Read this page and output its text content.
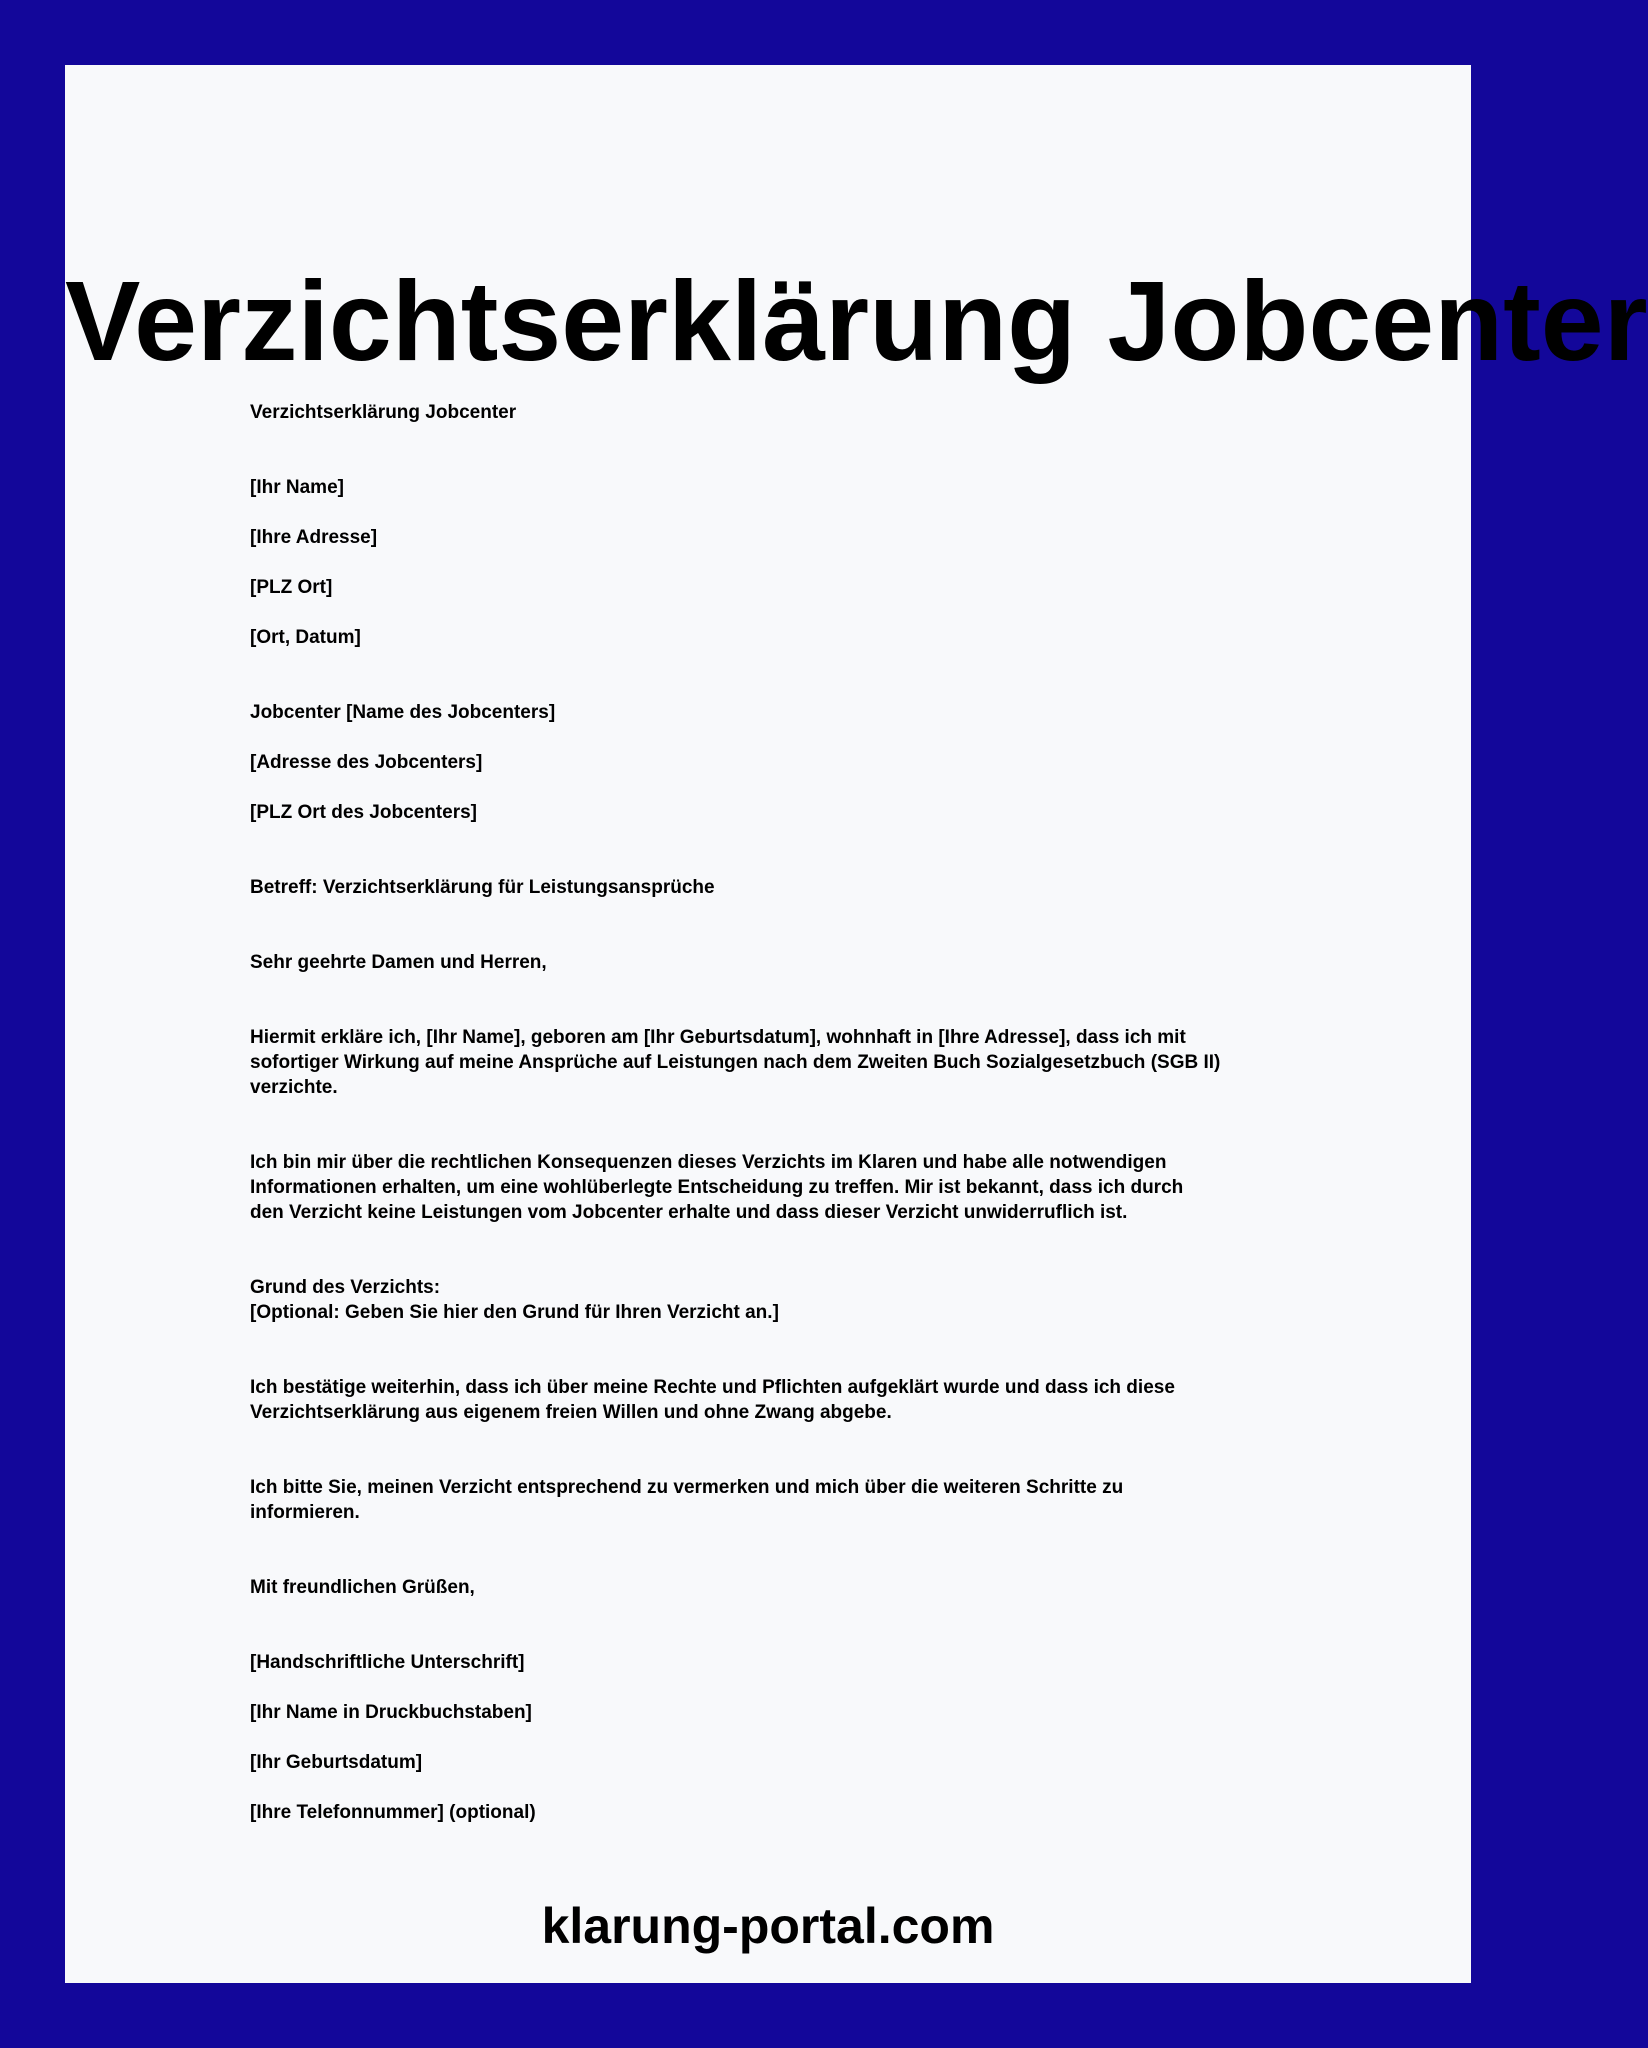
Verzichtserklärung Jobcenter

Verzichtserklärung Jobcenter

[Ihr Name]

[Ihre Adresse]

[PLZ Ort]

[Ort, Datum]

Jobcenter [Name des Jobcenters]

[Adresse des Jobcenters]

[PLZ Ort des Jobcenters]

Betreff: Verzichtserklärung für Leistungsansprüche

Sehr geehrte Damen und Herren,

Hiermit erkläre ich, [Ihr Name], geboren am [Ihr Geburtsdatum], wohnhaft in [Ihre Adresse], dass ich mit
sofortiger Wirkung auf meine Ansprüche auf Leistungen nach dem Zweiten Buch Sozialgesetzbuch (SGB II)
verzichte.
Ich bin mir über die rechtlichen Konsequenzen dieses Verzichts im Klaren und habe alle notwendigen
Informationen erhalten, um eine wohlüberlegte Entscheidung zu treffen. Mir ist bekannt, dass ich durch
den Verzicht keine Leistungen vom Jobcenter erhalte und dass dieser Verzicht unwiderruflich ist.
Grund des Verzichts:
[Optional: Geben Sie hier den Grund für Ihren Verzicht an.]
Ich bestätige weiterhin, dass ich über meine Rechte und Pflichten aufgeklärt wurde und dass ich diese
Verzichtserklärung aus eigenem freien Willen und ohne Zwang abgebe.
Ich bitte Sie, meinen Verzicht entsprechend zu vermerken und mich über die weiteren Schritte zu
informieren.

Mit freundlichen Grüßen,

[Handschriftliche Unterschrift]

[Ihr Name in Druckbuchstaben]

[Ihr Geburtsdatum]

[Ihre Telefonnummer] (optional)

klarung-portal.com
